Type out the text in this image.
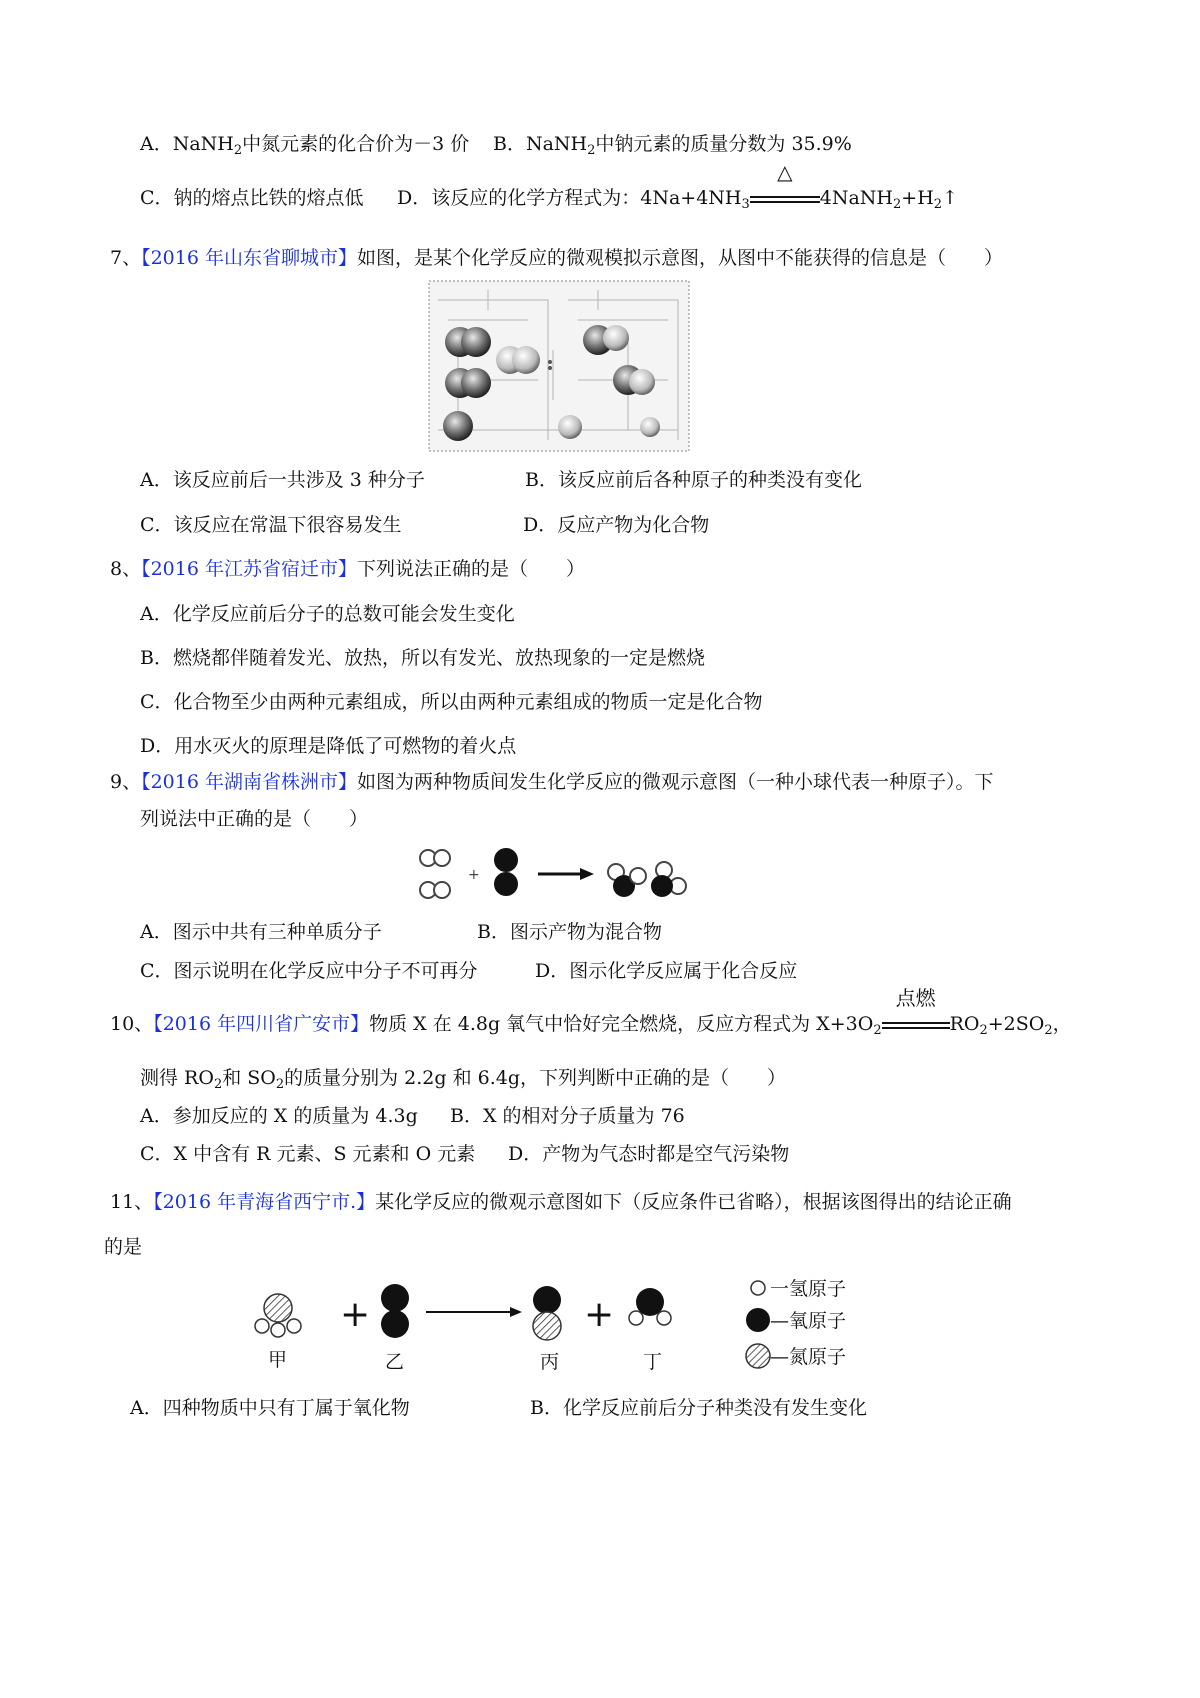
A．NaNH$_2$中氮元素的化合价为－3 价 B．NaNH$_2$中钠元素的质量分数为 35.9%
C．钠的熔点比铁的熔点低 D．该反应的化学方程式为：$4Na+4NH_3$
△
$4NaNH_2+H_2↑$
7、【2016 年山东省聊城市】如图，是某个化学反应的微观模拟示意图，从图中不能获得的信息是（　　）
A．该反应前后一共涉及 3 种分子	B．该反应前后各种原子的种类没有变化
C．该反应在常温下很容易发生	D．反应产物为化合物
8、【2016 年江苏省宿迁市】下列说法正确的是（　　）
A．化学反应前后分子的总数可能会发生变化
B．燃烧都伴随着发光、放热，所以有发光、放热现象的一定是燃烧
C．化合物至少由两种元素组成，所以由两种元素组成的物质一定是化合物
D．用水灭火的原理是降低了可燃物的着火点
9、【2016 年湖南省株洲市】如图为两种物质间发生化学反应的微观示意图（一种小球代表一种原子）。下
列说法中正确的是（　　）
+
A．图示中共有三种单质分子	B．图示产物为混合物
C．图示说明在化学反应中分子不可再分	D．图示化学反应属于化合反应
10、【2016 年四川省广安市】物质 X 在 4.8g 氧气中恰好完全燃烧，反应方程式为 $X+3O_2$
点燃
$RO_2+2SO_2$，
测得 $RO_2$和 $SO_2$的质量分别为 2.2g 和 6.4g，下列判断中正确的是（　　）
A．参加反应的 X 的质量为 4.3g B．X 的相对分子质量为 76
C．X 中含有 R 元素、S 元素和 O 元素 D．产物为气态时都是空气污染物
11、【2016 年青海省西宁市.】某化学反应的微观示意图如下（反应条件已省略），根据该图得出的结论正确
的是
+	+
甲	乙	丙	丁
一氢原子
—氧原子
—氮原子
A．四种物质中只有丁属于氧化物	B．化学反应前后分子种类没有发生变化
